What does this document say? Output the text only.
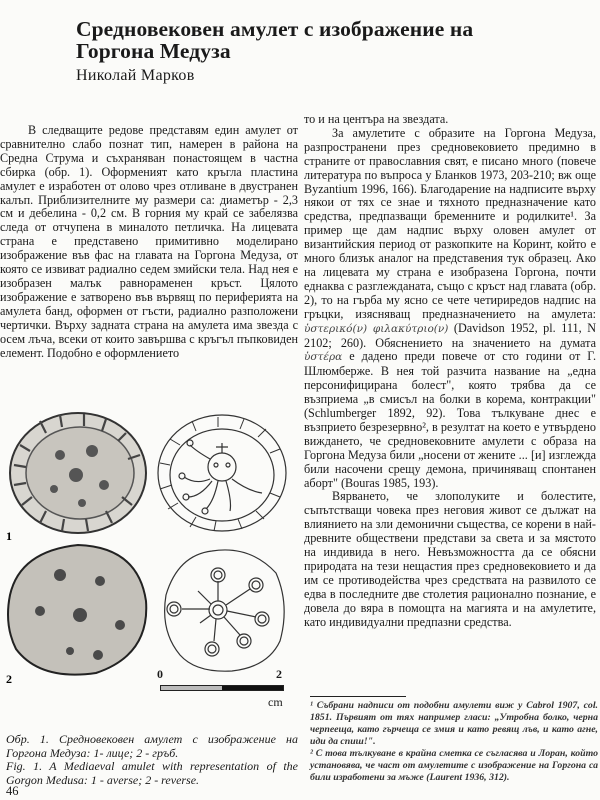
Средновековен амулет с изображение на
Горгона Медуза
Николай Марков

В следващите редове представям един амулет от сравнително слабо познат тип, намерен в района на Средна Струма и съхраняван понастоящем в частна сбирка (обр. 1). Оформеният като кръгла пластина амулет е изработен от олово чрез отливане в двустранен калъп. Приблизителните му размери са: диаметър - 2,3 см и дебелина - 0,2 см. В горния му край се забелязва следа от отчупена в миналото петличка. На лицевата страна е представено примитивно моделирано изображение във фас на главата на Горгона Медуза, от която се извиват радиално седем змийски тела. Над нея е изобразен малък равнораменен кръст. Цялото изображение е затворено във вървящ по периферията на амулета банд, оформен от гъсти, радиално разположени чертички. Върху задната страна на амулета има звезда с осем лъча, всеки от които завършва с кръгъл пъпковиден елемент. Подобно е оформлението

то и на центъра на звездата.

За амулетите с образите на Горгона Медуза, разпространени през средновековието предимно в страните от православния свят, е писано много (повече литература по въпроса у Бланков 1973, 203-210; вж още Byzantium 1996, 166). Благодарение на надписите върху някои от тях се знае и тяхното предназначение като средства, предпазващи бременните и родилките¹. За пример ще дам надпис върху оловен амулет от византийския период от разкопките на Коринт, който е много близък аналог на представения тук образец. Ако на лицевата му страна е изобразена Горгона, почти еднаква с разглежданата, също с кръст над главата (обр. 2), то на гърба му ясно се чете четириредов надпис на гръцки, изясняващ предназначението на амулета: ὑστερικό(ν) φιλακύτριο(ν) (Davidson 1952, pl. 111, N 2102; 260). Обяснението на значението на думата ὑστέρα е дадено преди повече от сто години от Г. Шлюмберже. В нея той разчита название на „една персонифицирана болест", която трябва да се възприема „в смисъл на болки в корема, контракции" (Schlumberger 1892, 92). Това тълкуване днес е възприето безрезервно², в резултат на което е утвърдено виждането, че средновековните амулети с образа на Горгона Медуза били „носени от жените ... [и] изглежда били насочени срещу демона, причиняващ спонтанен аборт" (Bouras 1985, 193).

Вярването, че злополуките и болестите, съпътстващи човека през неговия живот се дължат на влиянието на зли демонични същества, се корени в най-древните обществени представи за света и за мястото на индивида в него. Невъзможността да се обясни природата на тези нещастия през средновековието и да им се противодейства чрез средствата на развилото се едва в последните две столетия рационално познание, е довела до вяра в помощта на магията и на амулетите, като индивидуални предпазни средства.

1
2	0	2
cm
Обр. 1. Средновековен амулет с изображение на Горгона Медуза: 1- лице; 2 - гръб.
Fig. 1. A Mediaeval amulet with representation of the Gorgon Medusa: 1 - averse; 2 - reverse.
46

¹ Събрани надписи от подобни амулети виж у Cabrol 1907, col. 1851. Първият от тях например гласи: „Утробна болко, черна черпееща, като гърчеща се змия и като ревящ лъв, и като агне, иди да спиш!".

² С това тълкуване в крайна сметка се съгласява и Лоран, който установява, че част от амулетите с изображение на Горгона са били изработени за мъже (Laurent 1936, 312).
